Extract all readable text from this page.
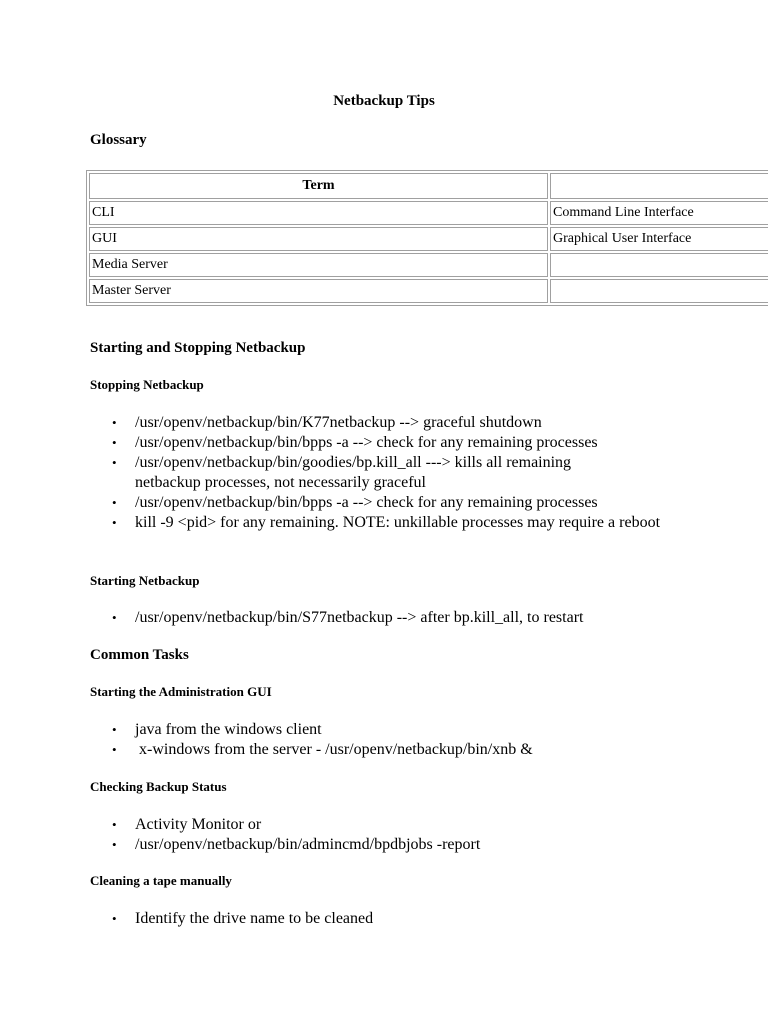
Netbackup Tips
Glossary
Term	
CLI	Command Line Interface
GUI	Graphical User Interface
Media Server	
Master Server	
Starting and Stopping Netbackup
Stopping Netbackup
• /usr/openv/netbackup/bin/K77netbackup --> graceful shutdown
• /usr/openv/netbackup/bin/bpps -a --> check for any remaining processes
• /usr/openv/netbackup/bin/goodies/bp.kill_all ---> kills all remaining netbackup processes, not necessarily graceful
• /usr/openv/netbackup/bin/bpps -a --> check for any remaining processes
• kill -9 <pid> for any remaining. NOTE: unkillable processes may require a reboot
Starting Netbackup
• /usr/openv/netbackup/bin/S77netbackup --> after bp.kill_all, to restart
Common Tasks
Starting the Administration GUI
• java from the windows client
•  x-windows from the server - /usr/openv/netbackup/bin/xnb &
Checking Backup Status
• Activity Monitor or
• /usr/openv/netbackup/bin/admincmd/bpdbjobs -report
Cleaning a tape manually
• Identify the drive name to be cleaned
